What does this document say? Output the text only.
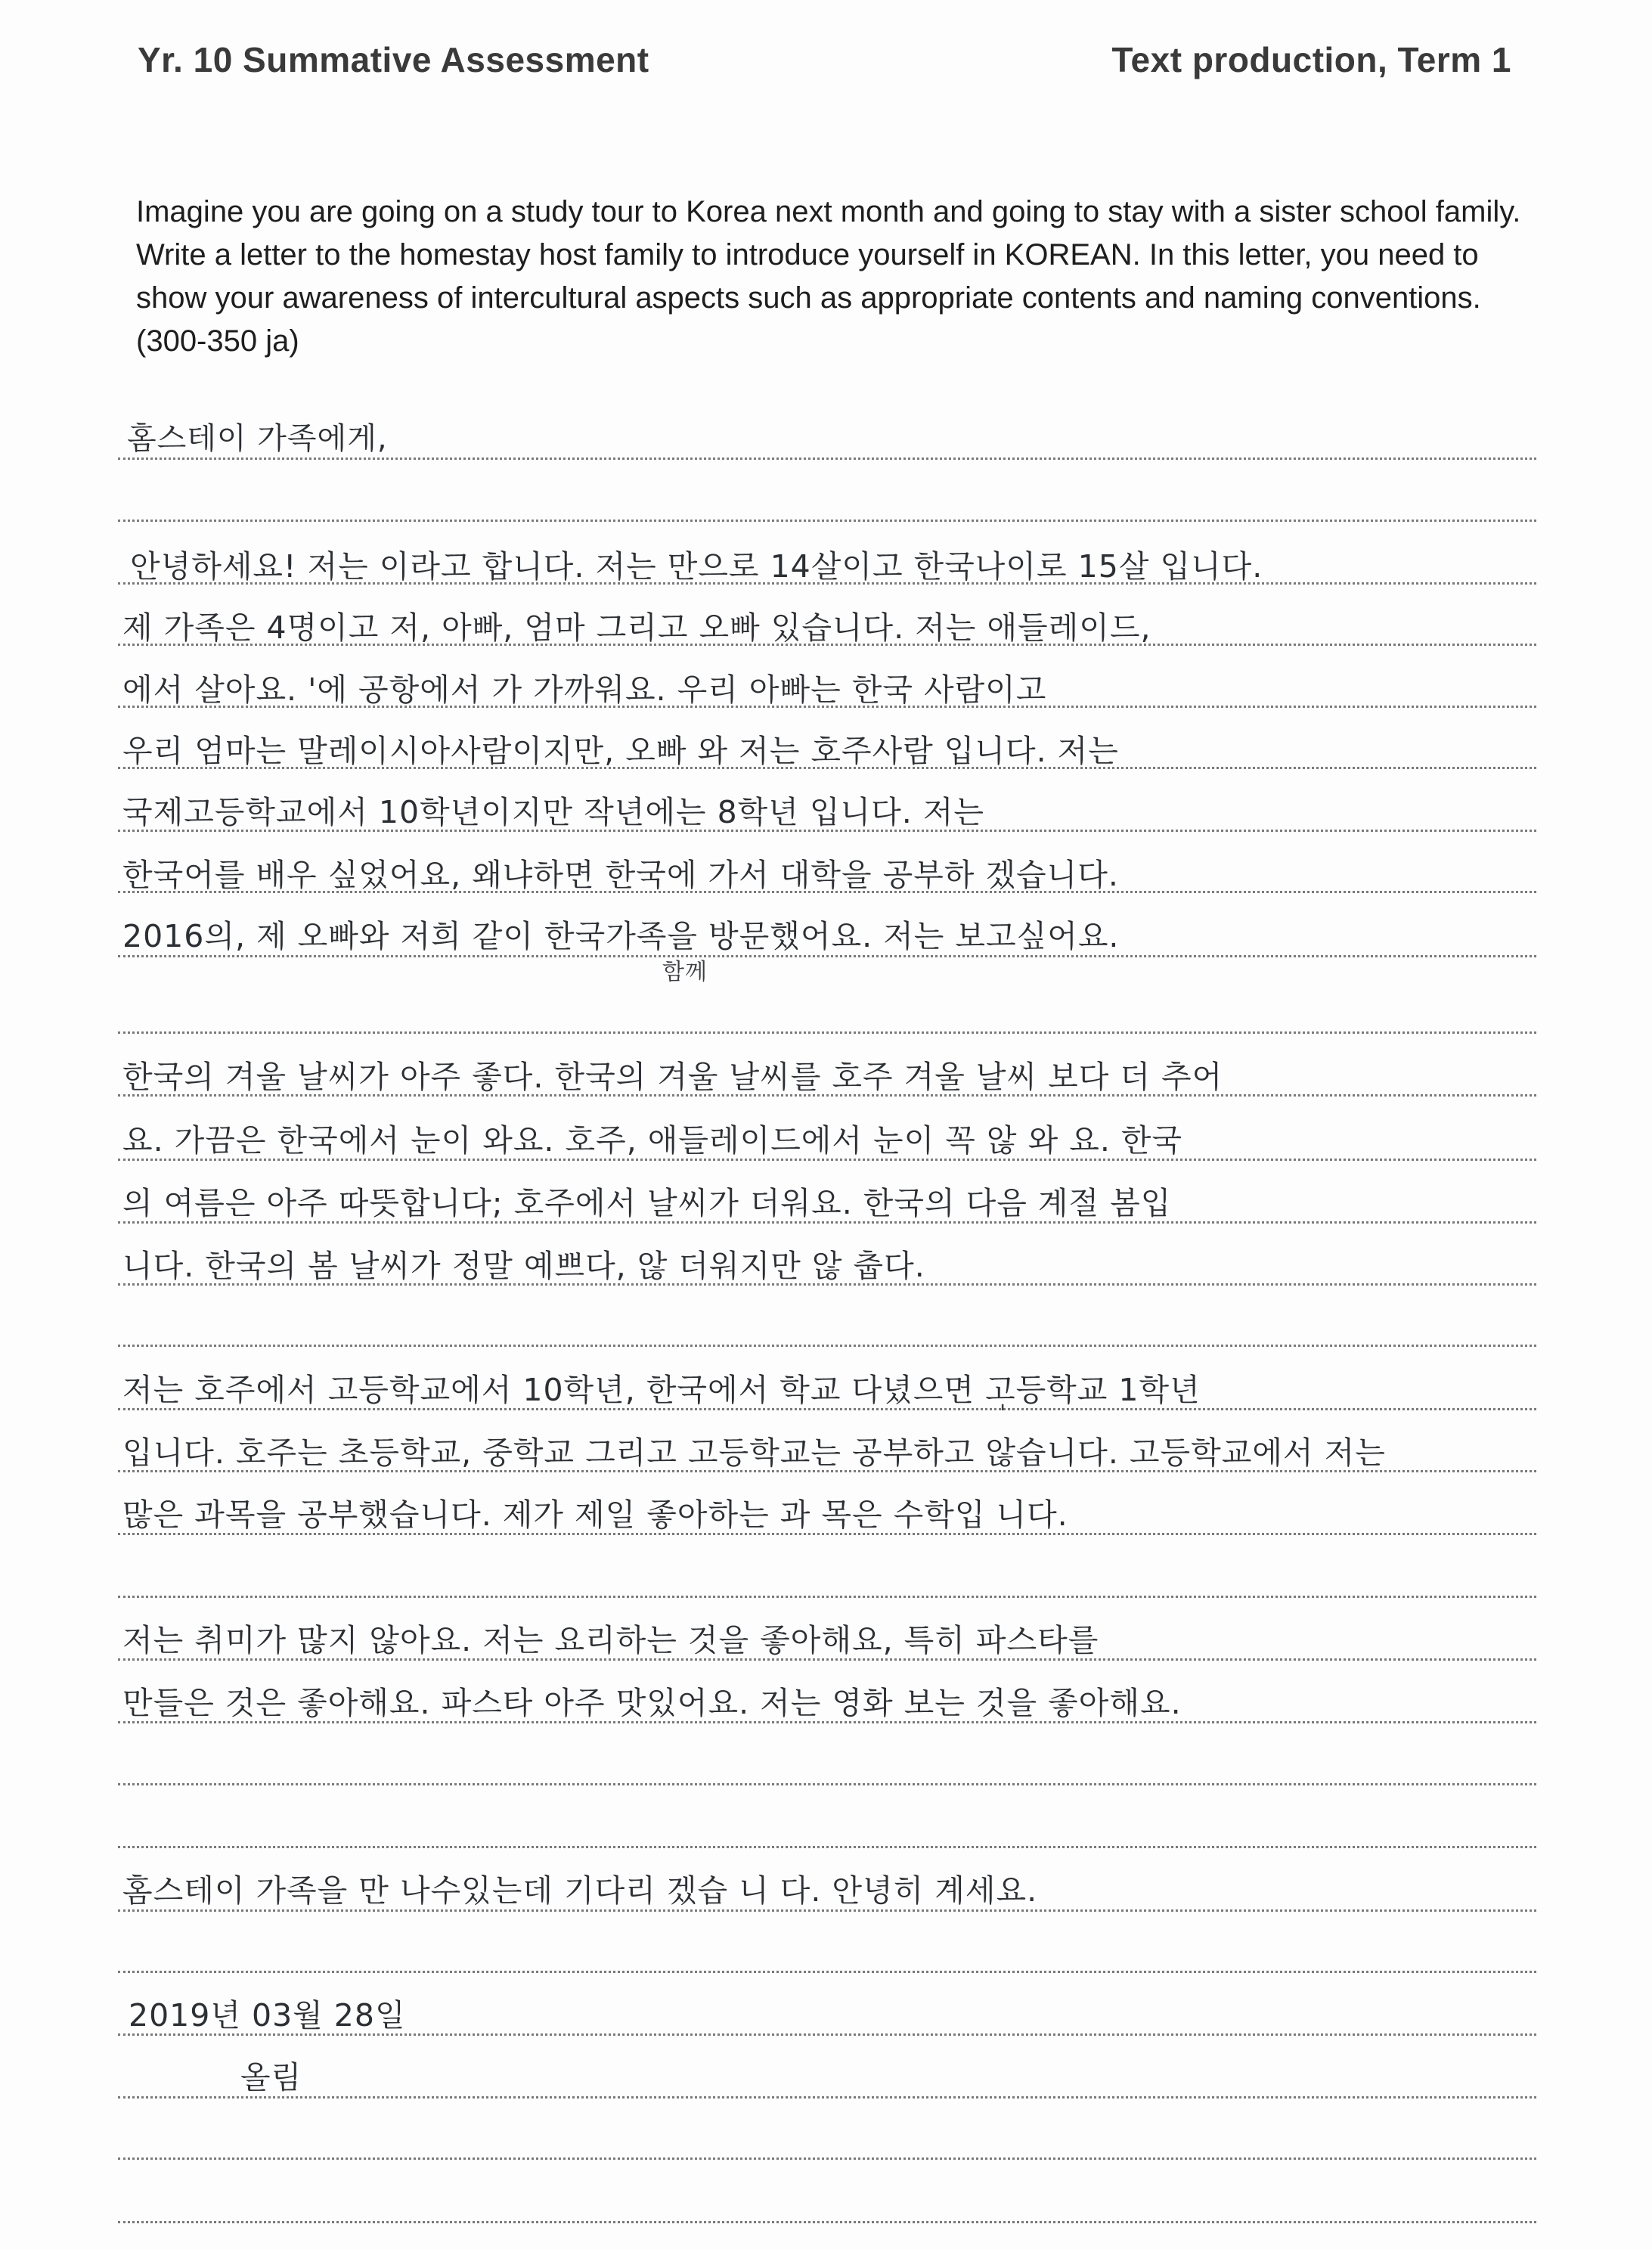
Yr. 10 Summative Assessment	Text production, Term 1

Imagine you are going on a study tour to Korea next month and going to stay with a sister school family. Write a letter to the homestay host family to introduce yourself in KOREAN. In this letter, you need to show your awareness of intercultural aspects such as appropriate contents and naming conventions. (300-350 ja)

홈스테이 가족에게,
안녕하세요! 저는 이라고 합니다. 저는 만으로 14살이고 한국나이로 15살 입니다.
제 가족은 4명이고 저, 아빠, 엄마 그리고 오빠 있습니다. 저는 애들레이드,
에서 살아요. '에 공항에서 가 가까워요. 우리 아빠는 한국 사람이고
우리 엄마는 말레이시아사람이지만, 오빠 와 저는 호주사람 입니다. 저는
국제고등학교에서 10학년이지만 작년에는 8학년 입니다. 저는
한국어를 배우 싶었어요, 왜냐하면 한국에 가서 대학을 공부하 겠습니다.
2016의, 제 오빠와 저희 같이 한국가족을 방문했어요. 저는 보고싶어요.
함께
한국의 겨울 날씨가 아주 좋다. 한국의 겨울 날씨를 호주 겨울 날씨 보다 더 추어
요. 가끔은 한국에서 눈이 와요. 호주, 애들레이드에서 눈이 꼭 않 와 요. 한국
의 여름은 아주 따뜻합니다; 호주에서 날씨가 더워요. 한국의 다음 계절 봄입
니다. 한국의 봄 날씨가 정말 예쁘다, 않 더워지만 않 춥다.
저는 호주에서 고등학교에서 10학년, 한국에서 학교 다녔으면 고등학교 1학년
입니다. 호주는 초등학교, 중학교 그리고 고등학교는 공부하고 않습니다. 고등학교에서 저는
많은 과목을 공부했습니다. 제가 제일 좋아하는 과 목은 수학입 니다.
'
저는 취미가 많지 않아요. 저는 요리하는 것을 좋아해요, 특히 파스타를
만들은 것은 좋아해요. 파스타 아주 맛있어요. 저는 영화 보는 것을 좋아해요.
홈스테이 가족을 만 나수있는데 기다리 겠습 니 다. 안녕히 계세요.
2019년 03월 28일
올림
